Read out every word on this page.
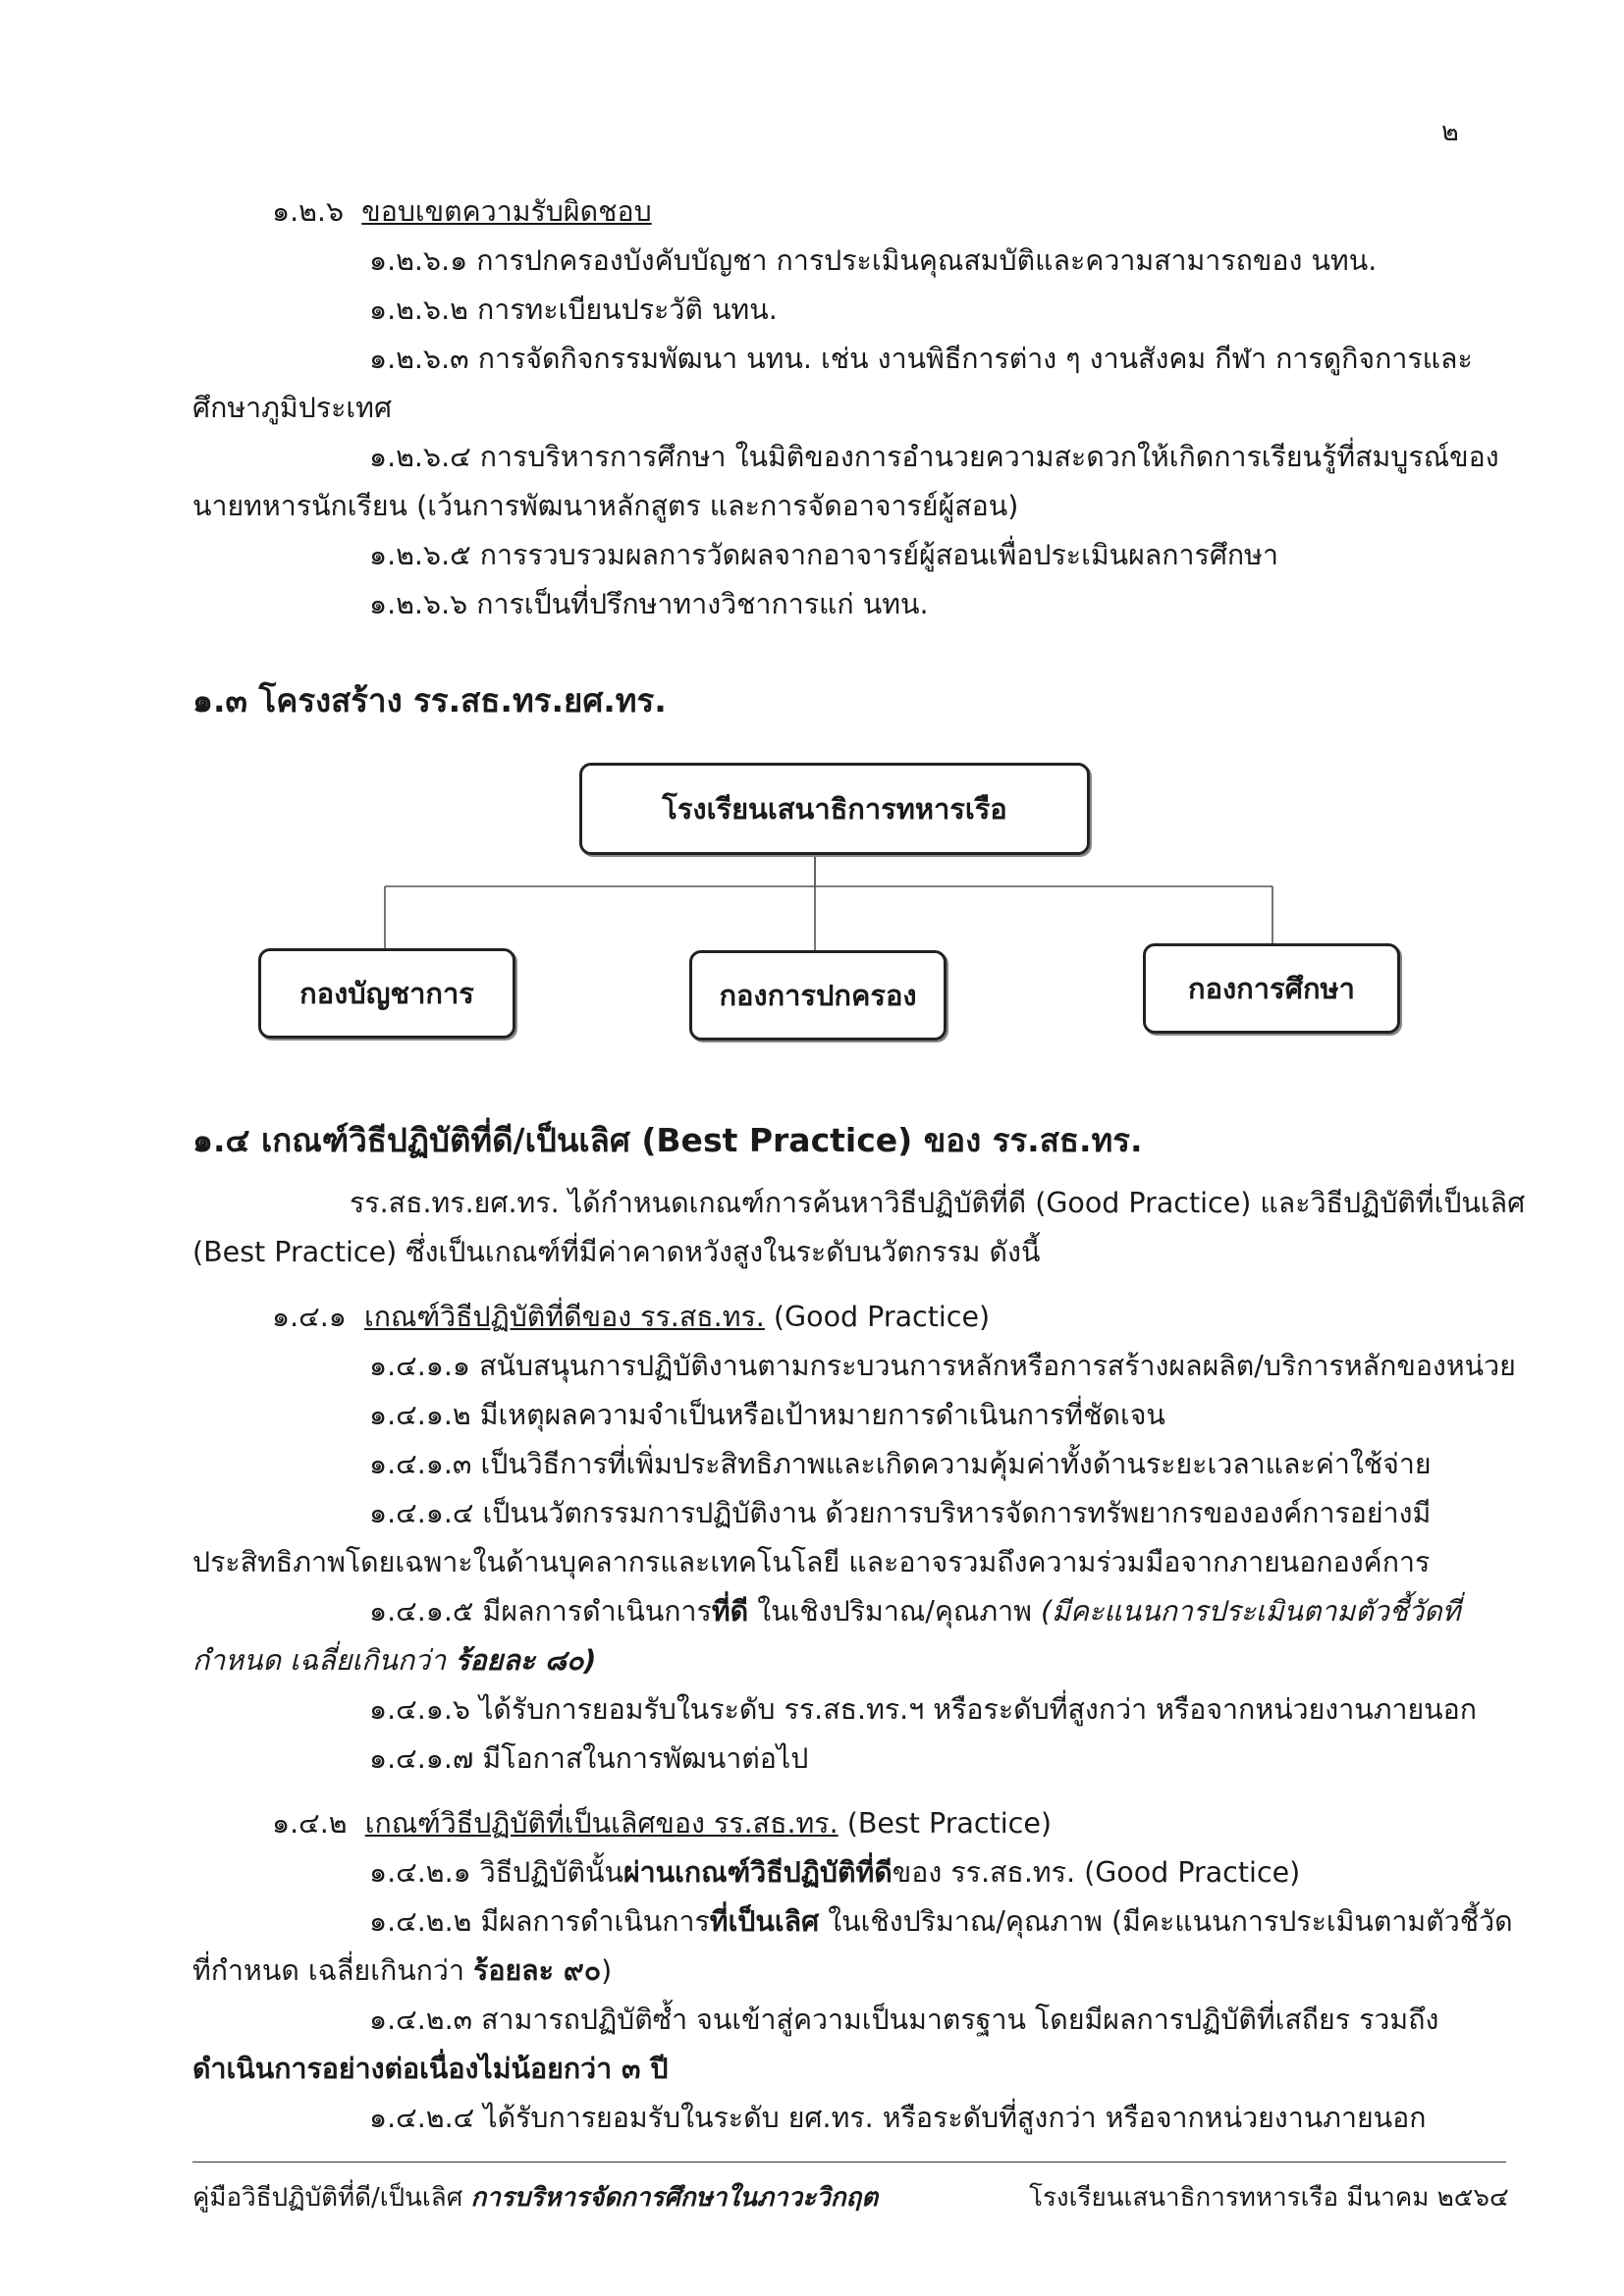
๒
๑.๒.๖ ขอบเขตความรับผิดชอบ
๑.๒.๖.๑ การปกครองบังคับบัญชา การประเมินคุณสมบัติและความสามารถของ นทน.
๑.๒.๖.๒ การทะเบียนประวัติ นทน.
๑.๒.๖.๓ การจัดกิจกรรมพัฒนา นทน. เช่น งานพิธีการต่าง ๆ งานสังคม กีฬา การดูกิจการและ
ศึกษาภูมิประเทศ
๑.๒.๖.๔ การบริหารการศึกษา ในมิติของการอำนวยความสะดวกให้เกิดการเรียนรู้ที่สมบูรณ์ของ
นายทหารนักเรียน (เว้นการพัฒนาหลักสูตร และการจัดอาจารย์ผู้สอน)
๑.๒.๖.๕ การรวบรวมผลการวัดผลจากอาจารย์ผู้สอนเพื่อประเมินผลการศึกษา
๑.๒.๖.๖ การเป็นที่ปรึกษาทางวิชาการแก่ นทน.
๑.๓ โครงสร้าง รร.สธ.ทร.ยศ.ทร.
โรงเรียนเสนาธิการทหารเรือ
กองบัญชาการ	กองการปกครอง	กองการศึกษา
๑.๔ เกณฑ์วิธีปฏิบัติที่ดี/เป็นเลิศ (Best Practice) ของ รร.สธ.ทร.
รร.สธ.ทร.ยศ.ทร. ได้กำหนดเกณฑ์การค้นหาวิธีปฏิบัติที่ดี (Good Practice) และวิธีปฏิบัติที่เป็นเลิศ
(Best Practice) ซึ่งเป็นเกณฑ์ที่มีค่าคาดหวังสูงในระดับนวัตกรรม ดังนี้
๑.๔.๑ เกณฑ์วิธีปฏิบัติที่ดีของ รร.สธ.ทร. (Good Practice)
๑.๔.๑.๑ สนับสนุนการปฏิบัติงานตามกระบวนการหลักหรือการสร้างผลผลิต/บริการหลักของหน่วย
๑.๔.๑.๒ มีเหตุผลความจำเป็นหรือเป้าหมายการดำเนินการที่ชัดเจน
๑.๔.๑.๓ เป็นวิธีการที่เพิ่มประสิทธิภาพและเกิดความคุ้มค่าทั้งด้านระยะเวลาและค่าใช้จ่าย
๑.๔.๑.๔ เป็นนวัตกรรมการปฏิบัติงาน ด้วยการบริหารจัดการทรัพยากรขององค์การอย่างมี
ประสิทธิภาพโดยเฉพาะในด้านบุคลากรและเทคโนโลยี และอาจรวมถึงความร่วมมือจากภายนอกองค์การ
๑.๔.๑.๕ มีผลการดำเนินการที่ดี ในเชิงปริมาณ/คุณภาพ (มีคะแนนการประเมินตามตัวชี้วัดที่
กำหนด เฉลี่ยเกินกว่า ร้อยละ ๘๐)
๑.๔.๑.๖ ได้รับการยอมรับในระดับ รร.สธ.ทร.ฯ หรือระดับที่สูงกว่า หรือจากหน่วยงานภายนอก
๑.๔.๑.๗ มีโอกาสในการพัฒนาต่อไป
๑.๔.๒ เกณฑ์วิธีปฏิบัติที่เป็นเลิศของ รร.สธ.ทร. (Best Practice)
๑.๔.๒.๑ วิธีปฏิบัตินั้นผ่านเกณฑ์วิธีปฏิบัติที่ดีของ รร.สธ.ทร. (Good Practice)
๑.๔.๒.๒ มีผลการดำเนินการที่เป็นเลิศ ในเชิงปริมาณ/คุณภาพ (มีคะแนนการประเมินตามตัวชี้วัด
ที่กำหนด เฉลี่ยเกินกว่า ร้อยละ ๙๐)
๑.๔.๒.๓ สามารถปฏิบัติซ้ำ จนเข้าสู่ความเป็นมาตรฐาน โดยมีผลการปฏิบัติที่เสถียร รวมถึง
ดำเนินการอย่างต่อเนื่องไม่น้อยกว่า ๓ ปี
๑.๔.๒.๔ ได้รับการยอมรับในระดับ ยศ.ทร. หรือระดับที่สูงกว่า หรือจากหน่วยงานภายนอก
คู่มือวิธีปฏิบัติที่ดี/เป็นเลิศ การบริหารจัดการศึกษาในภาวะวิกฤต	โรงเรียนเสนาธิการทหารเรือ มีนาคม ๒๕๖๔
